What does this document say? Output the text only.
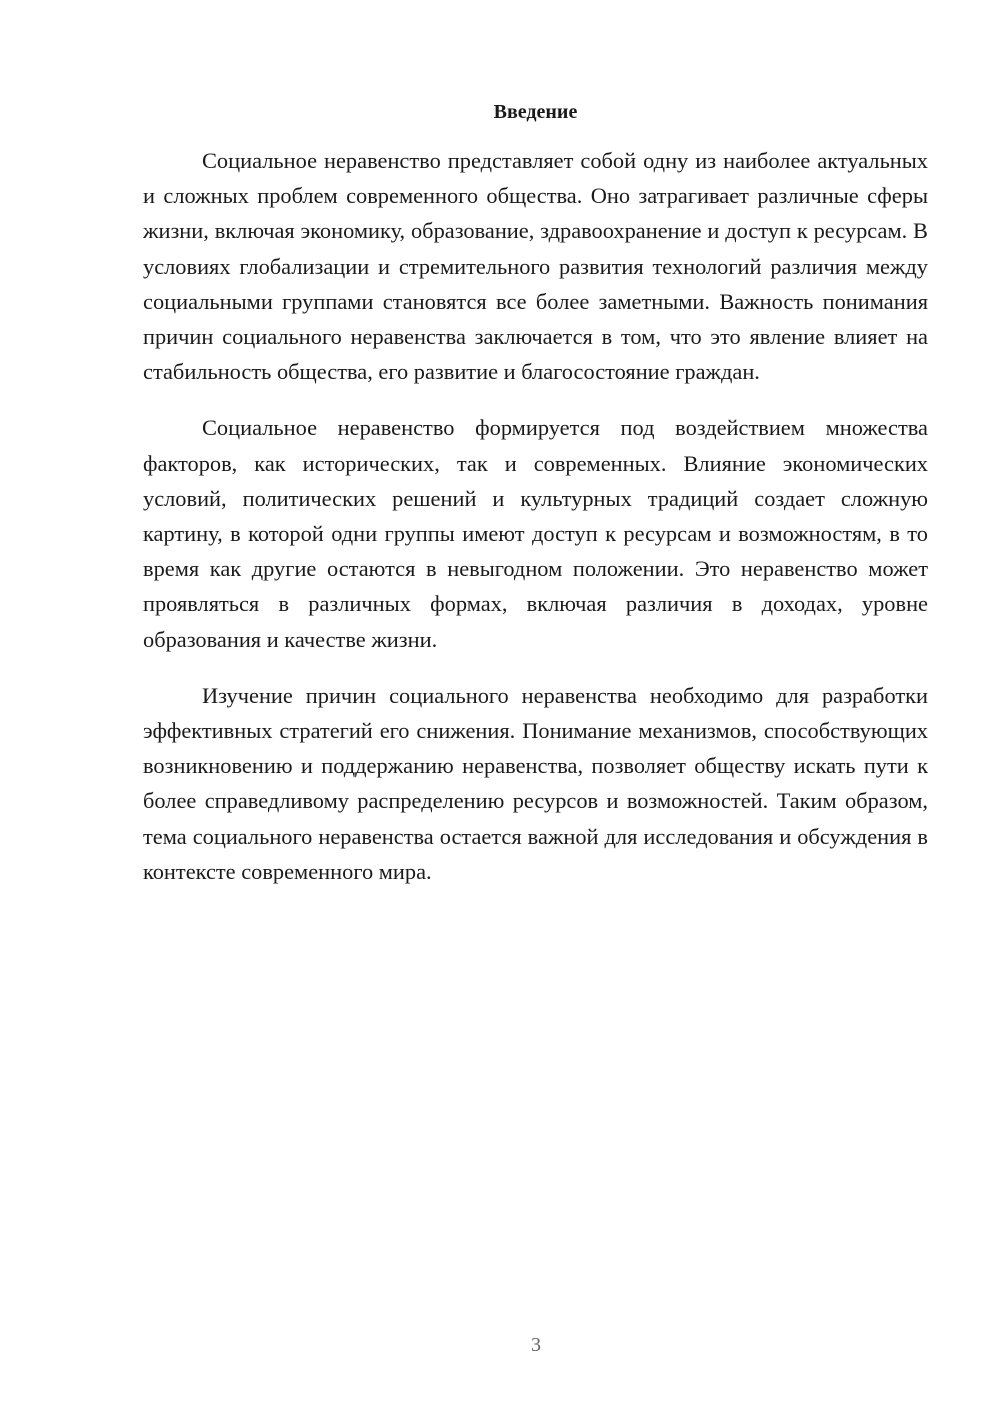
Введение

Социальное неравенство представляет собой одну из наиболее актуальных и сложных проблем современного общества. Оно затрагивает различные сферы жизни, включая экономику, образование, здравоохранение и доступ к ресурсам. В условиях глобализации и стремительного развития технологий различия между социальными группами становятся все более заметными. Важность понимания причин социального неравенства заключается в том, что это явление влияет на стабильность общества, его развитие и благосостояние граждан.

Социальное неравенство формируется под воздействием множества факторов, как исторических, так и современных. Влияние экономических условий, политических решений и культурных традиций создает сложную картину, в которой одни группы имеют доступ к ресурсам и возможностям, в то время как другие остаются в невыгодном положении. Это неравенство может проявляться в различных формах, включая различия в доходах, уровне образования и качестве жизни.

Изучение причин социального неравенства необходимо для разработки эффективных стратегий его снижения. Понимание механизмов, способствующих возникновению и поддержанию неравенства, позволяет обществу искать пути к более справедливому распределению ресурсов и возможностей. Таким образом, тема социального неравенства остается важной для исследования и обсуждения в контексте современного мира.

3
